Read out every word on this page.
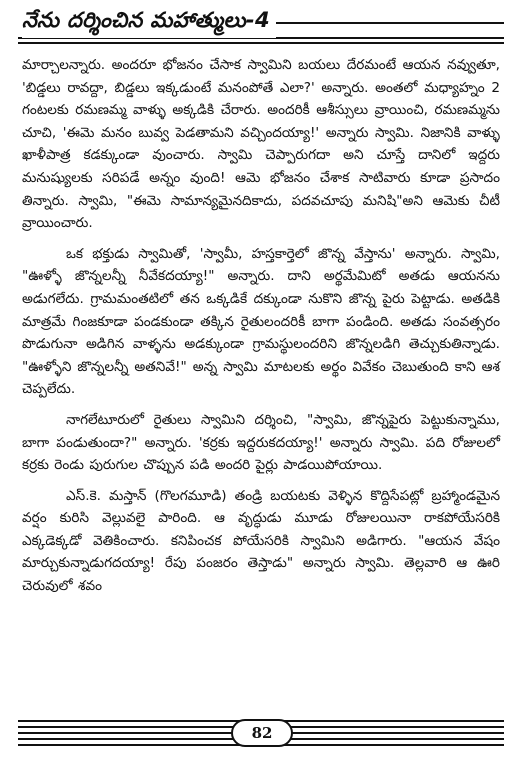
నేను దర్శించిన మహాత్ములు-4

మార్చాలన్నారు. అందరూ భోజనం చేసాక స్వామిని బయలు దేరమంటే ఆయన నవ్వుతూ, 'బిడ్డలు రావద్దా, బిడ్డలు ఇక్కడుంటే మనంపోతే ఎలా?' అన్నారు. అంతలో మధ్యాహ్నం 2 గంటలకు రమణమ్మ వాళ్ళు అక్కడికి చేరారు. అందరికీ ఆశీస్సులు వ్రాయించి, రమణమ్మను చూచి, 'ఈమె మనం బువ్వ పెడతామని వచ్చిందయ్యా!' అన్నారు స్వామి. నిజానికి వాళ్ళు ఖాళీపాత్ర కడక్కుండా వుంచారు. స్వామి చెప్పారుగదా అని చూస్తే దానిలో ఇద్దరు మనుష్యులకు సరిపడే అన్నం వుంది! ఆమె భోజనం చేశాక సాటివారు కూడా ప్రసాదం తిన్నారు. స్వామి, "ఈమె సామాన్యమైనదికాదు, పదవచూపు మనిషి"అని ఆమెకు చీటీ వ్రాయించారు.

ఒక భక్తుడు స్వామితో, 'స్వామీ, హస్తకార్తెలో జొన్న వేస్తాను' అన్నారు. స్వామి, "ఊళ్ళో జొన్నలన్నీ నీవేకదయ్యా!" అన్నారు. దాని అర్థమేమిటో అతడు ఆయనను అడుగలేదు. గ్రామమంతటిలో తన ఒక్కడికే దక్కుండా నుకొని జొన్న పైరు పెట్టాడు. అతడికి మాత్రమే గింజకూడా పండకుండా తక్కిన రైతులందరికీ బాగా పండింది. అతడు సంవత్సరం పొడుగునా అడిగిన వాళ్ళను అడక్కుండా గ్రామస్థులందరిని జొన్నలడిగి తెచ్చుకుతిన్నాడు. "ఊళ్ళోని జొన్నలన్నీ అతనివే!" అన్న స్వామి మాటలకు అర్థం వివేకం చెబుతుంది కాని ఆశ చెప్పలేదు.

నాగలేటూరులో రైతులు స్వామిని దర్శించి, "స్వామి, జొన్నపైరు పెట్టుకున్నాము, బాగా పండుతుందా?" అన్నారు. 'కర్రకు ఇద్దరుకదయ్యా!' అన్నారు స్వామి. పది రోజులలో కర్రకు రెండు పురుగుల చొప్పున పడి అందరి పైర్లు పాడయిపోయాయి.

ఎస్.కె. మస్తాన్ (గొలగమూడి) తండ్రి బయటకు వెళ్ళిన కొద్దిసేపట్లో బ్రహ్మాండమైన వర్షం కురిసి వెల్లువలై పారింది. ఆ వృద్ధుడు మూడు రోజులయినా రాకపోయేసరికి ఎక్కడెక్కడో వెతికించారు. కనిపించక పోయేసరికి స్వామిని అడిగారు. "ఆయన వేషం మార్చుకున్నాడుగదయ్యా! రేపు పంజరం తెస్తాడు" అన్నారు స్వామి. తెల్లవారి ఆ ఊరి చెరువులో శవం

82
